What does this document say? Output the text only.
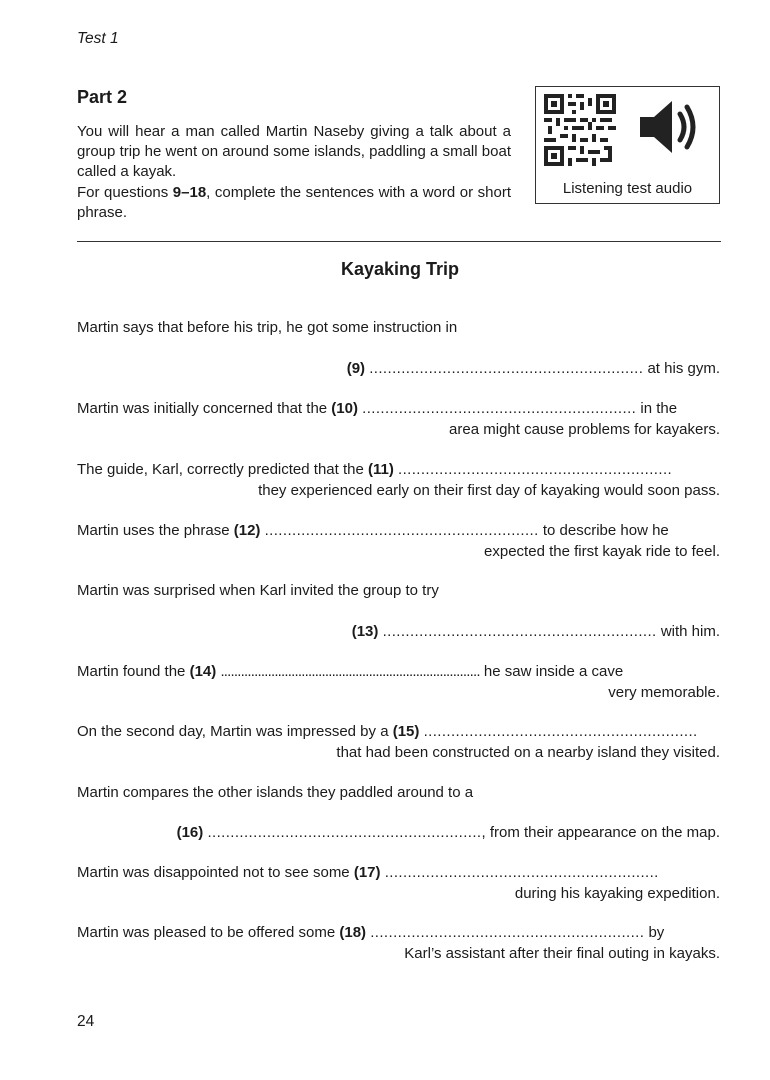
Test 1
Part 2

You will hear a man called Martin Naseby giving a talk about a group trip he went on around some islands, paddling a small boat called a kayak.

For questions 9–18, complete the sentences with a word or short phrase.

Listening test audio
Kayaking Trip
Martin says that before his trip, he got some instruction in
(9) ............................................................ at his gym.
Martin was initially concerned that the (10) ............................................................ in the
area might cause problems for kayakers.
The guide, Karl, correctly predicted that the (11) ............................................................
they experienced early on their first day of kayaking would soon pass.
Martin uses the phrase (12) ............................................................ to describe how he
expected the first kayak ride to feel.
Martin was surprised when Karl invited the group to try
(13) ............................................................ with him.
Martin found the (14) ............................................................................. he saw inside a cave
very memorable.
On the second day, Martin was impressed by a (15) ............................................................
that had been constructed on a nearby island they visited.
Martin compares the other islands they paddled around to a
(16) ............................................................, from their appearance on the map.
Martin was disappointed not to see some (17) ............................................................
during his kayaking expedition.
Martin was pleased to be offered some (18) ............................................................ by
Karl’s assistant after their final outing in kayaks.
24
